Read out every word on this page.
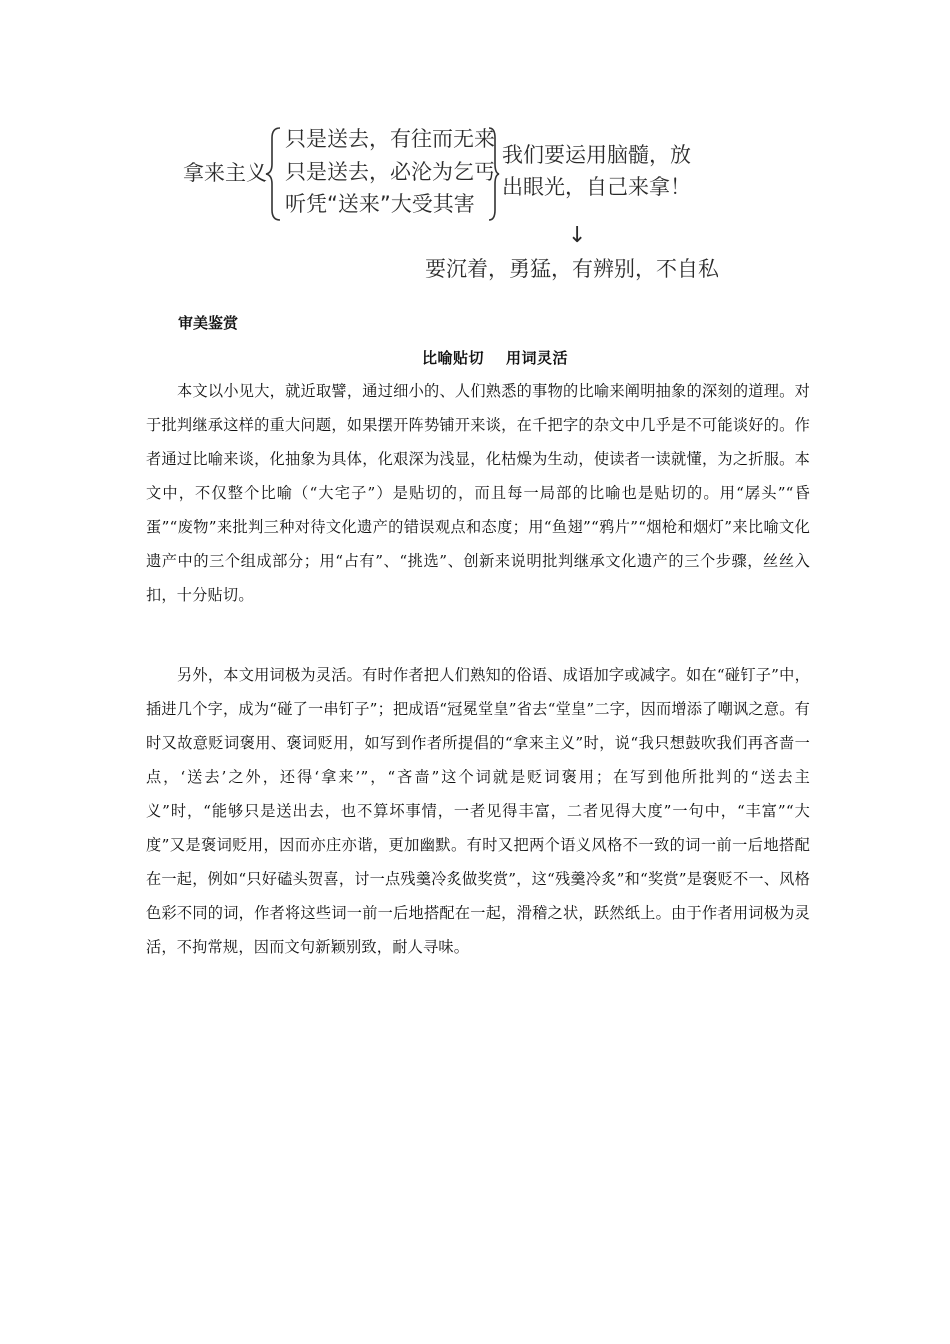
拿来主义
只是送去，有往而无来
只是送去，必沦为乞丐
听凭“送来”大受其害
我们要运用脑髓，放
出眼光，自己来拿！
↓
要沉着，勇猛，有辨别，不自私
审美鉴赏
比喻贴切 用词灵活

本文以小见大，就近取譬，通过细小的、人们熟悉的事物的比喻来阐明抽象的深刻的道理。对于批判继承这样的重大问题，如果摆开阵势铺开来谈，在千把字的杂文中几乎是不可能谈好的。作者通过比喻来谈，化抽象为具体，化艰深为浅显，化枯燥为生动，使读者一读就懂，为之折服。本文中，不仅整个比喻（“大宅子”）是贴切的，而且每一局部的比喻也是贴切的。用“孱头”“昏蛋”“废物”来批判三种对待文化遗产的错误观点和态度；用“鱼翅”“鸦片”“烟枪和烟灯”来比喻文化遗产中的三个组成部分；用“占有”、“挑选”、创新来说明批判继承文化遗产的三个步骤，丝丝入扣，十分贴切。

另外，本文用词极为灵活。有时作者把人们熟知的俗语、成语加字或减字。如在“碰钉子”中，插进几个字，成为“碰了一串钉子”；把成语“冠冕堂皇”省去“堂皇”二字，因而增添了嘲讽之意。有时又故意贬词褒用、褒词贬用，如写到作者所提倡的“拿来主义”时，说“我只想鼓吹我们再吝啬一点，‘送去’之外，还得‘拿来’”，“吝啬”这个词就是贬词褒用；在写到他所批判的“送去主义”时，“能够只是送出去，也不算坏事情，一者见得丰富，二者见得大度”一句中，“丰富”“大度”又是褒词贬用，因而亦庄亦谐，更加幽默。有时又把两个语义风格不一致的词一前一后地搭配在一起，例如“只好磕头贺喜，讨一点残羹冷炙做奖赏”，这“残羹冷炙”和“奖赏”是褒贬不一、风格色彩不同的词，作者将这些词一前一后地搭配在一起，滑稽之状，跃然纸上。由于作者用词极为灵活，不拘常规，因而文句新颖别致，耐人寻味。
